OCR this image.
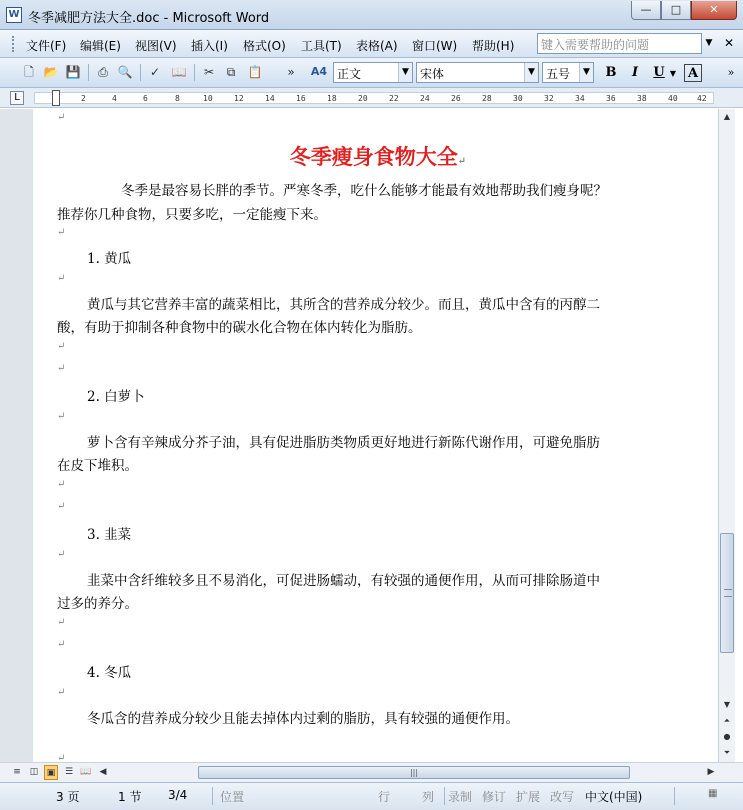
W 冬季减肥方法大全.doc - Microsoft Word
—	□	✕
文件(F) 编辑(E) 视图(V) 插入(I) 格式(O) 工具(T) 表格(A) 窗口(W) 帮助(H)	键入需要帮助的问题	▼ ✕
🗋 📂 💾	⎙ 🔍	✓ 📖	✂	⧉	📋 » A4 正文	▼ 宋体	▼ 五号	▼ B	I	U ▼ A	»
L	2	4	6	8	10	12	14	16	18	20	22	24	26	28	30	32	34	36	38	40 42
↵
冬季瘦身食物大全↵
冬季是最容易长胖的季节。严寒冬季，吃什么能够才能最有效地帮助我们瘦身呢？
推荐你几种食物，只要多吃，一定能瘦下来。
↵
1. 黄瓜
↵
黄瓜与其它营养丰富的蔬菜相比，其所含的营养成分较少。而且，黄瓜中含有的丙醇二
酸，有助于抑制各种食物中的碳水化合物在体内转化为脂肪。
↵
↵
2. 白萝卜
↵
萝卜含有辛辣成分芥子油，具有促进脂肪类物质更好地进行新陈代谢作用，可避免脂肪
在皮下堆积。
↵
↵
3. 韭菜
↵
韭菜中含纤维较多且不易消化，可促进肠蠕动，有较强的通便作用，从而可排除肠道中
过多的养分。
↵
↵
4. 冬瓜
↵
冬瓜含的营养成分较少且能去掉体内过剩的脂肪，具有较强的通便作用。
↵
▲
▼
⏶
●
⏷
≡ ◫ ▣	☰ 📖 ◀	|||	▶
3 页	1 节 3/4	位置	行	列 录制 修订 扩展 改写 中文(中国)	▦
